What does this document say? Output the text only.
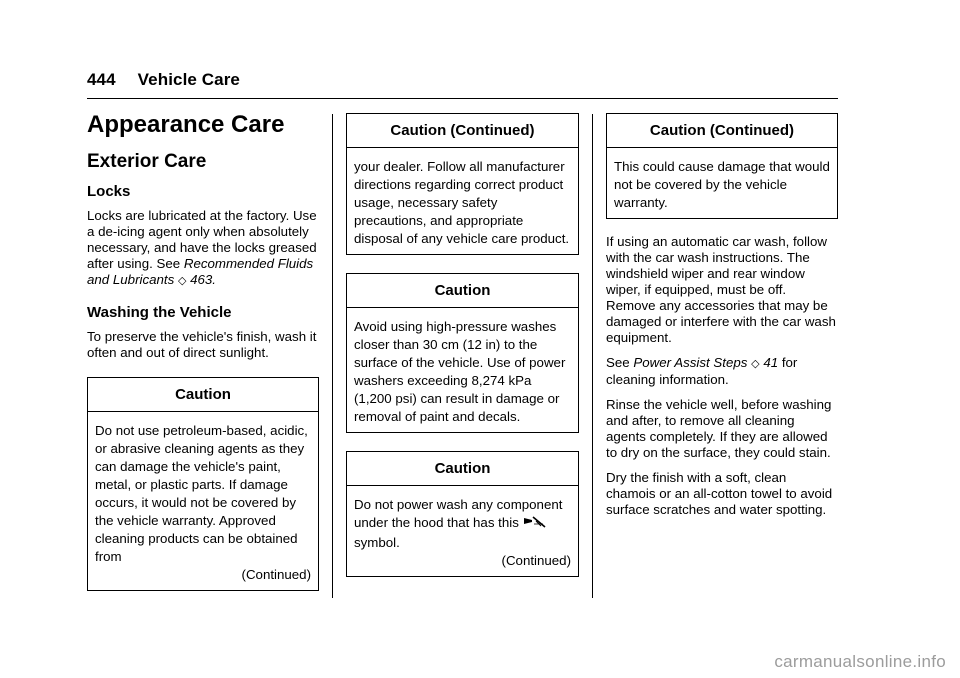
444 Vehicle Care
Appearance Care
Exterior Care
Locks

Locks are lubricated at the factory. Use a de-icing agent only when absolutely necessary, and have the locks greased after using. See Recommended Fluids and Lubricants ◇ 463.

Washing the Vehicle

To preserve the vehicle's finish, wash it often and out of direct sunlight.

Caution
Do not use petroleum-based, acidic, or abrasive cleaning agents as they can damage the vehicle's paint, metal, or plastic parts. If damage occurs, it would not be covered by the vehicle warranty. Approved cleaning products can be obtained from
(Continued)
Caution (Continued)
your dealer. Follow all manufacturer directions regarding correct product usage, necessary safety precautions, and appropriate disposal of any vehicle care product.
Caution
Avoid using high-pressure washes closer than 30 cm (12 in) to the surface of the vehicle. Use of power washers exceeding 8,274 kPa (1,200 psi) can result in damage or removal of paint and decals.
Caution
Do not power wash any component under the hood that has this  symbol.
(Continued)
Caution (Continued)
This could cause damage that would not be covered by the vehicle warranty.

If using an automatic car wash, follow with the car wash instructions. The windshield wiper and rear window wiper, if equipped, must be off. Remove any accessories that may be damaged or interfere with the car wash equipment.

See Power Assist Steps ◇ 41 for cleaning information.

Rinse the vehicle well, before washing and after, to remove all cleaning agents completely. If they are allowed to dry on the surface, they could stain.

Dry the finish with a soft, clean chamois or an all-cotton towel to avoid surface scratches and water spotting.

carmanualsonline.info
